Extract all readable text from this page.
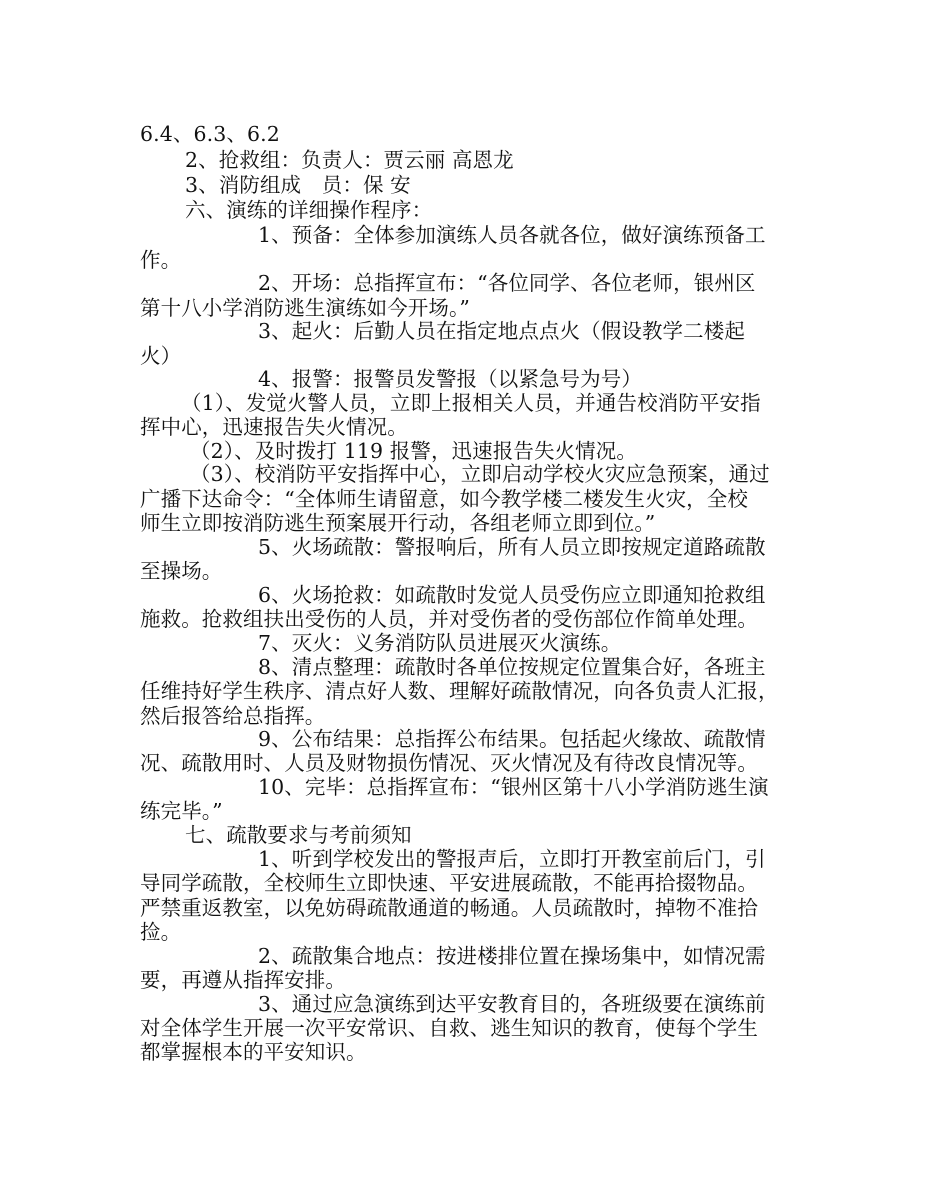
6.4、6.3、6.2
2、抢救组：负责人：贾云丽 高恩龙
3、消防组成　员：保 安
六、演练的详细操作程序：
1、预备：全体参加演练人员各就各位，做好演练预备工
作。
2、开场：总指挥宣布：“各位同学、各位老师，银州区
第十八小学消防逃生演练如今开场。”
3、起火：后勤人员在指定地点点火（假设教学二楼起
火）
4、报警：报警员发警报（以紧急号为号）
（1）、发觉火警人员，立即上报相关人员，并通告校消防平安指
挥中心，迅速报告失火情况。
（2）、及时拨打 119 报警，迅速报告失火情况。
（3）、校消防平安指挥中心，立即启动学校火灾应急预案，通过
广播下达命令：“全体师生请留意，如今教学楼二楼发生火灾，全校
师生立即按消防逃生预案展开行动，各组老师立即到位。”
5、火场疏散：警报响后，所有人员立即按规定道路疏散
至操场。
6、火场抢救：如疏散时发觉人员受伤应立即通知抢救组
施救。抢救组扶出受伤的人员，并对受伤者的受伤部位作简单处理。
7、灭火：义务消防队员进展灭火演练。
8、清点整理：疏散时各单位按规定位置集合好，各班主
任维持好学生秩序、清点好人数、理解好疏散情况，向各负责人汇报，
然后报答给总指挥。
9、公布结果：总指挥公布结果。包括起火缘故、疏散情
况、疏散用时、人员及财物损伤情况、灭火情况及有待改良情况等。
10、完毕：总指挥宣布：“银州区第十八小学消防逃生演
练完毕。”
七、疏散要求与考前须知
1、听到学校发出的警报声后，立即打开教室前后门，引
导同学疏散，全校师生立即快速、平安进展疏散，不能再拾掇物品。
严禁重返教室，以免妨碍疏散通道的畅通。人员疏散时，掉物不准拾
捡。
2、疏散集合地点：按进楼排位置在操场集中，如情况需
要，再遵从指挥安排。
3、通过应急演练到达平安教育目的，各班级要在演练前
对全体学生开展一次平安常识、自救、逃生知识的教育，使每个学生
都掌握根本的平安知识。
